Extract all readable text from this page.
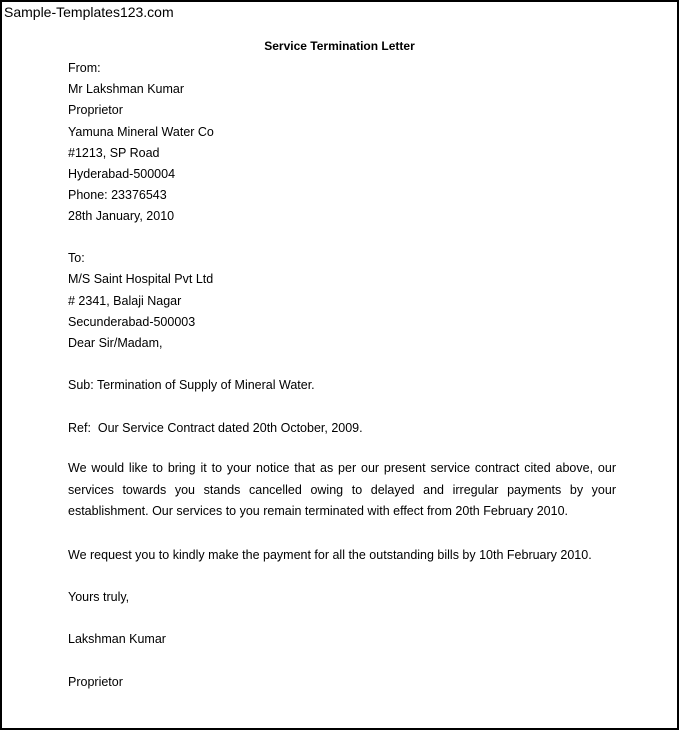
Sample-Templates123.com
Service Termination Letter
From:
Mr Lakshman Kumar
Proprietor
Yamuna Mineral Water Co
#1213, SP Road
Hyderabad-500004
Phone: 23376543
28th January, 2010
To:
M/S Saint Hospital Pvt Ltd
# 2341, Balaji Nagar
Secunderabad-500003
Dear Sir/Madam,
Sub: Termination of Supply of Mineral Water.
Ref:  Our Service Contract dated 20th October, 2009.
We would like to bring it to your notice that as per our present service contract cited above, our services towards you stands cancelled owing to delayed and irregular payments by your establishment. Our services to you remain terminated with effect from 20th February 2010.
We request you to kindly make the payment for all the outstanding bills by 10th February 2010.
Yours truly,
Lakshman Kumar
Proprietor
